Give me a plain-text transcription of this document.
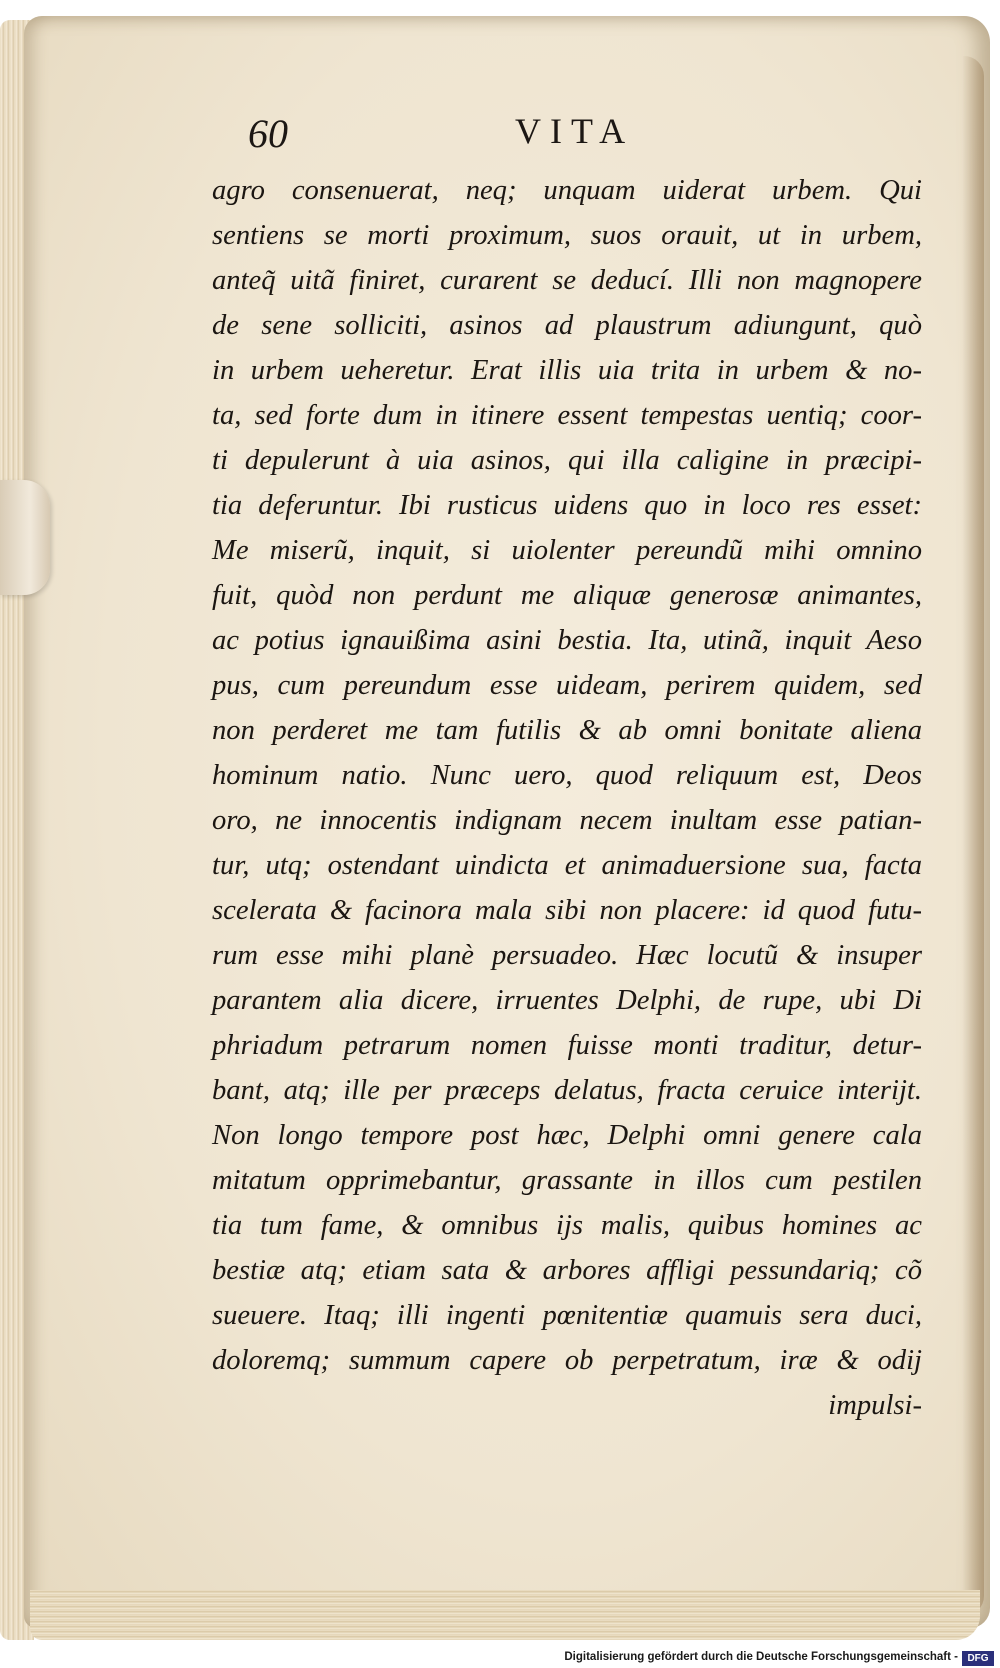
60	VITA
agro consenuerat, neq; unquam uiderat urbem. Qui
sentiens se morti proximum, suos orauit, ut in urbem,
anteq̃ uitã finiret, curarent se deducí. Illi non magnopere
de sene solliciti, asinos ad plaustrum adiungunt, quò
in urbem ueheretur. Erat illis uia trita in urbem & no-
ta, sed forte dum in itinere essent tempestas uentiq; coor-
ti depulerunt à uia asinos, qui illa caligine in præcipi-
tia deferuntur. Ibi rusticus uidens quo in loco res esset:
Me miserũ, inquit, si uiolenter pereundũ mihi omnino
fuit, quòd non perdunt me aliquæ generosæ animantes,
ac potius ignauißima asini bestia. Ita, utinã, inquit Aeso
pus, cum pereundum esse uideam, perirem quidem, sed
non perderet me tam futilis & ab omni bonitate aliena
hominum natio. Nunc uero, quod reliquum est, Deos
oro, ne innocentis indignam necem inultam esse patian-
tur, utq; ostendant uindicta et animaduersione sua, facta
scelerata & facinora mala sibi non placere: id quod futu-
rum esse mihi planè persuadeo. Hæc locutũ & insuper
parantem alia dicere, irruentes Delphi, de rupe, ubi Di
phriadum petrarum nomen fuisse monti traditur, detur-
bant, atq; ille per præceps delatus, fracta ceruice interijt.
Non longo tempore post hæc, Delphi omni genere cala
mitatum opprimebantur, grassante in illos cum pestilen
tia tum fame, & omnibus ijs malis, quibus homines ac
bestiæ atq; etiam sata & arbores affligi pessundariq; cõ
sueuere. Itaq; illi ingenti pœnitentiæ quamuis sera duci,
doloremq; summum capere ob perpetratum, iræ & odij
impulsi-
Digitalisierung gefördert durch die Deutsche Forschungsgemeinschaft - DFG
